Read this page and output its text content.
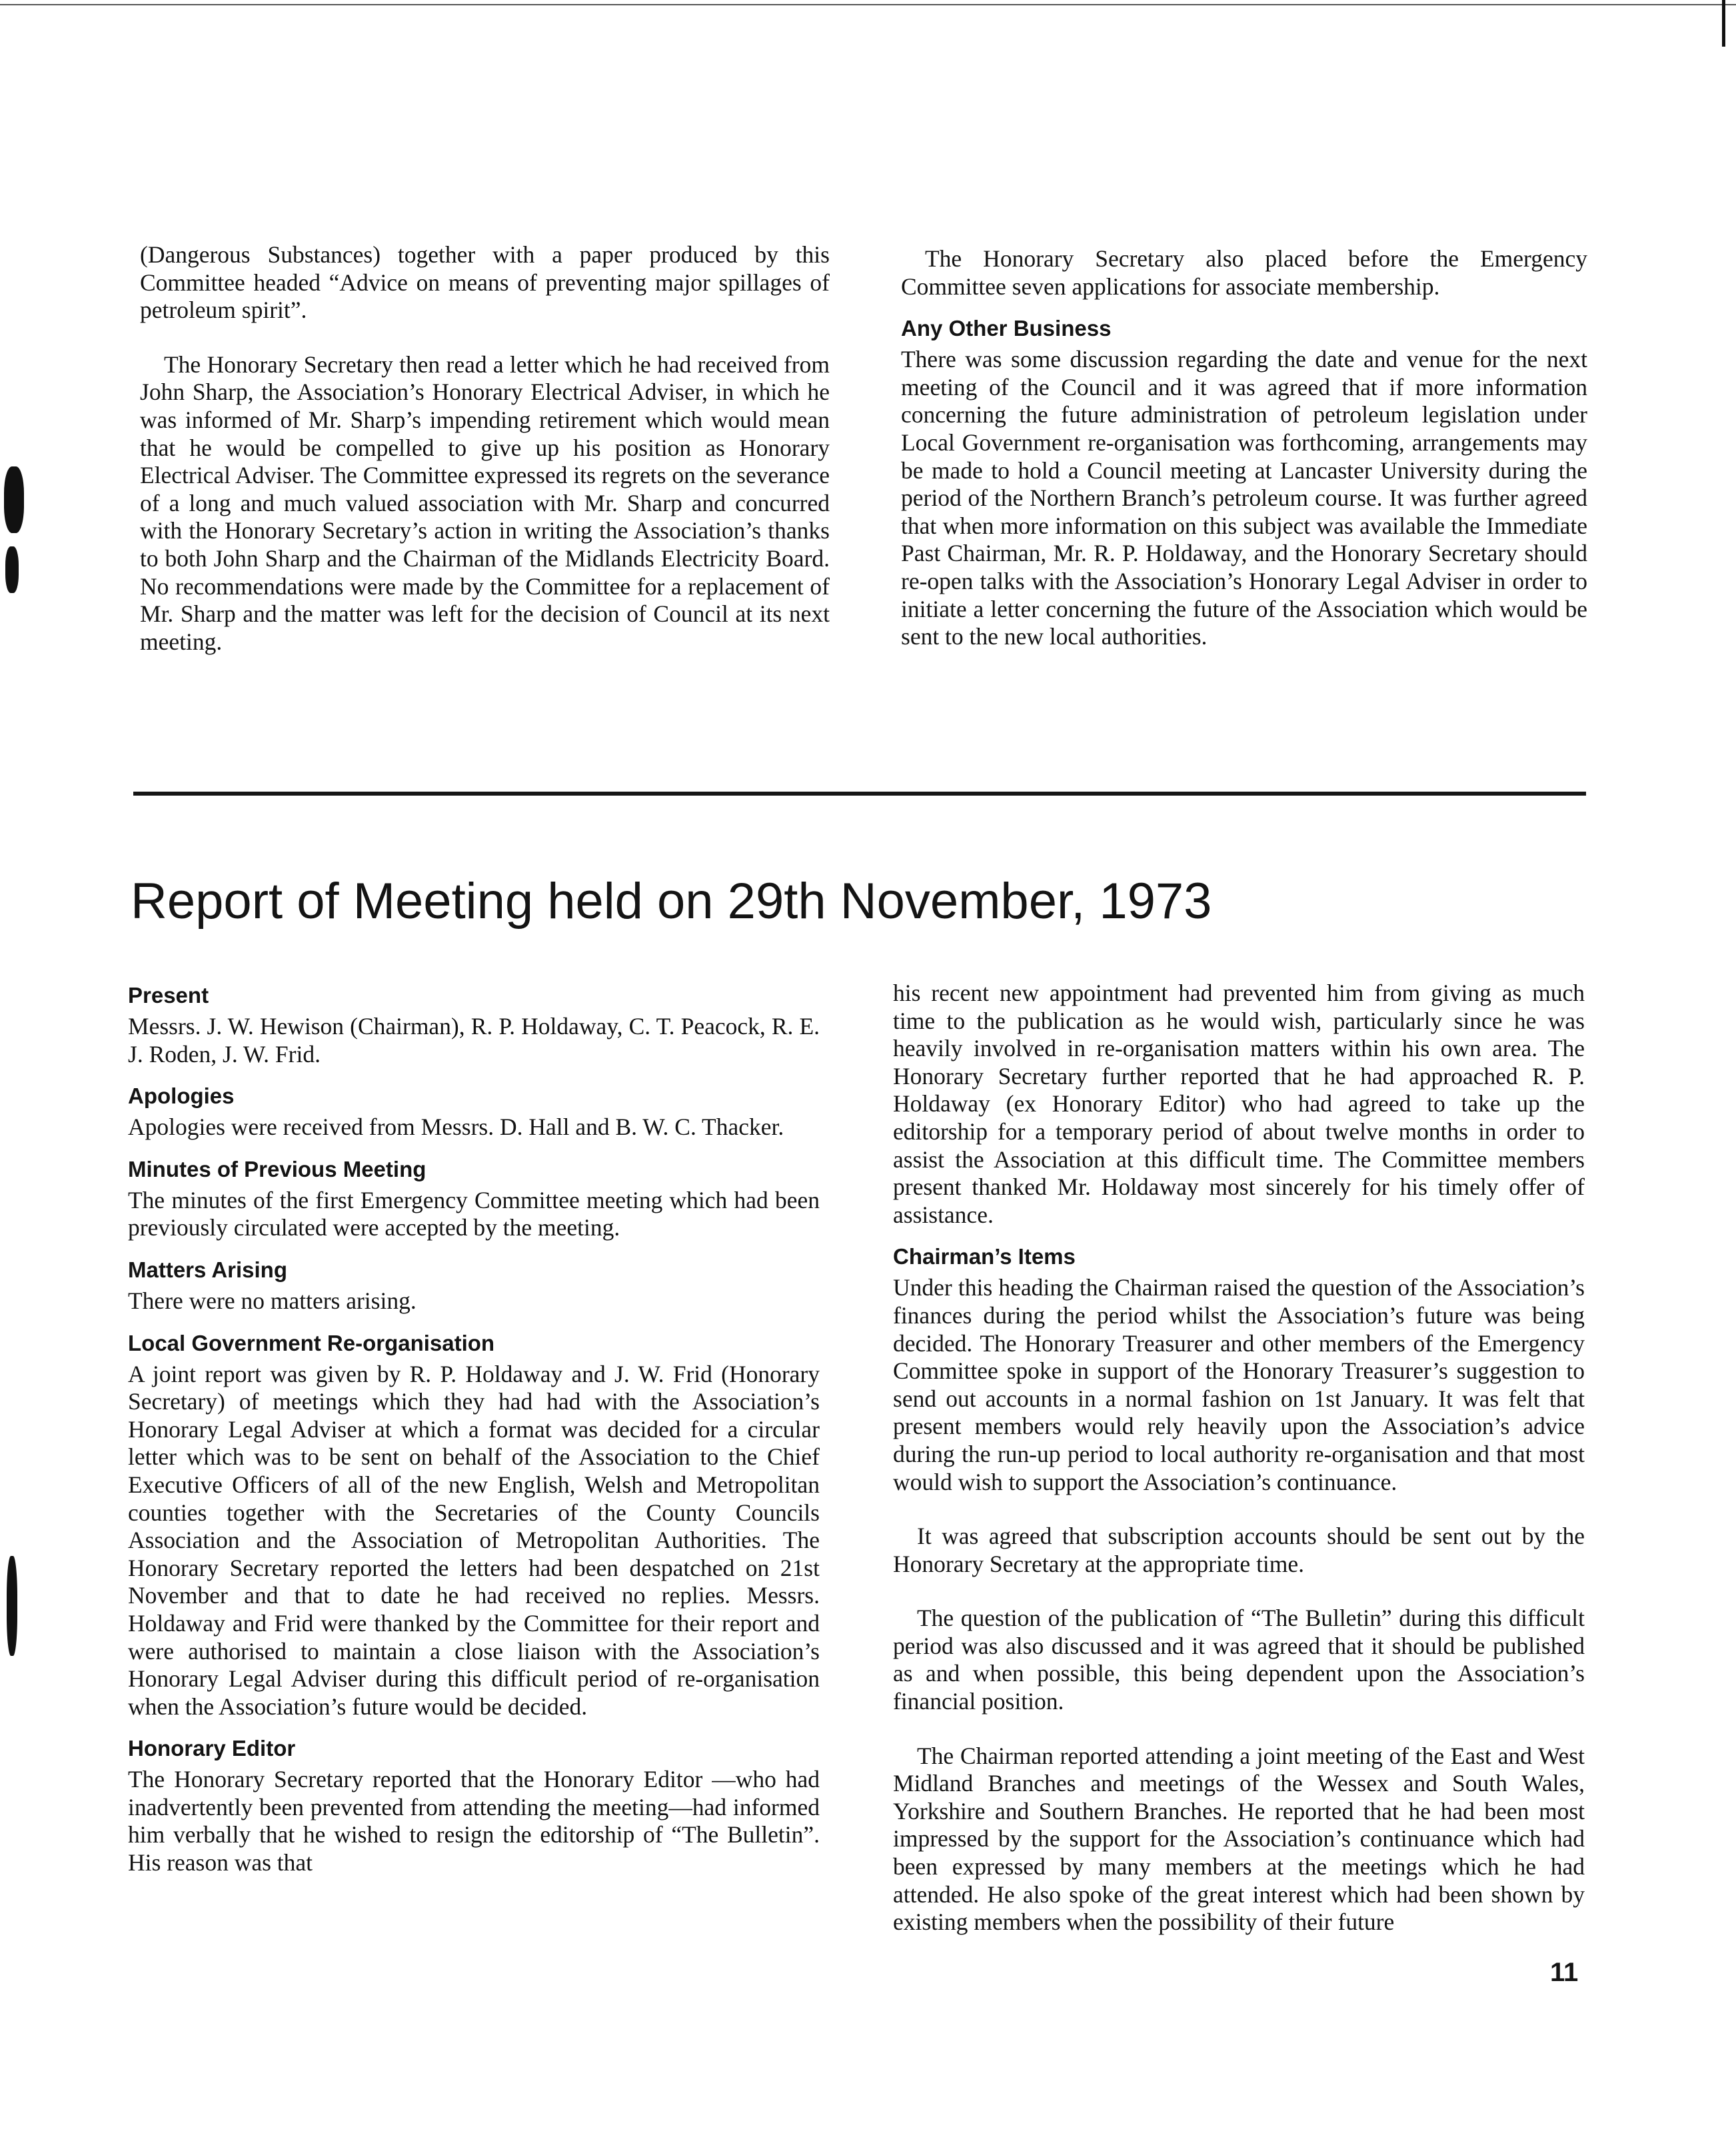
(Dangerous Substances) together with a paper produced by this Committee headed “Advice on means of preventing major spillages of petroleum spirit”.

The Honorary Secretary then read a letter which he had received from John Sharp, the Association’s Honorary Electrical Adviser, in which he was informed of Mr. Sharp’s impending retirement which would mean that he would be compelled to give up his position as Honorary Electrical Adviser. The Committee expressed its regrets on the severance of a long and much valued association with Mr. Sharp and concurred with the Honorary Secretary’s action in writing the Association’s thanks to both John Sharp and the Chairman of the Midlands Electricity Board. No recommendations were made by the Committee for a replacement of Mr. Sharp and the matter was left for the decision of Council at its next meeting.

The Honorary Secretary also placed before the Emergency Committee seven applications for associate membership.

Any Other Business

There was some discussion regarding the date and venue for the next meeting of the Council and it was agreed that if more information concerning the future administration of petroleum legislation under Local Government re-organisation was forthcoming, arrangements may be made to hold a Council meeting at Lancaster University during the period of the Northern Branch’s petroleum course. It was further agreed that when more information on this subject was available the Immediate Past Chairman, Mr. R. P. Holdaway, and the Honorary Secretary should re-open talks with the Association’s Honorary Legal Adviser in order to initiate a letter concerning the future of the Association which would be sent to the new local authorities.

Report of Meeting held on 29th November, 1973
Present

Messrs. J. W. Hewison (Chairman), R. P. Holdaway, C. T. Peacock, R. E. J. Roden, J. W. Frid.

Apologies

Apologies were received from Messrs. D. Hall and B. W. C. Thacker.

Minutes of Previous Meeting

The minutes of the first Emergency Committee meeting which had been previously circulated were accepted by the meeting.

Matters Arising

There were no matters arising.

Local Government Re-organisation

A joint report was given by R. P. Holdaway and J. W. Frid (Honorary Secretary) of meetings which they had had with the Association’s Honorary Legal Adviser at which a format was decided for a circular letter which was to be sent on behalf of the Association to the Chief Executive Officers of all of the new English, Welsh and Metropolitan counties together with the Secretaries of the County Councils Association and the Association of Metropolitan Authorities. The Honorary Secretary reported the letters had been despatched on 21st November and that to date he had received no replies. Messrs. Holdaway and Frid were thanked by the Committee for their report and were authorised to maintain a close liaison with the Association’s Honorary Legal Adviser during this difficult period of re-organisation when the Association’s future would be decided.

Honorary Editor

The Honorary Secretary reported that the Honorary Editor —who had inadvertently been prevented from attending the meeting—had informed him verbally that he wished to resign the editorship of “The Bulletin”. His reason was that

his recent new appointment had prevented him from giving as much time to the publication as he would wish, particularly since he was heavily involved in re-organisation matters within his own area. The Honorary Secretary further reported that he had approached R. P. Holdaway (ex Honorary Editor) who had agreed to take up the editorship for a temporary period of about twelve months in order to assist the Association at this difficult time. The Committee members present thanked Mr. Holdaway most sincerely for his timely offer of assistance.

Chairman’s Items

Under this heading the Chairman raised the question of the Association’s finances during the period whilst the Association’s future was being decided. The Honorary Treasurer and other members of the Emergency Committee spoke in support of the Honorary Treasurer’s suggestion to send out accounts in a normal fashion on 1st January. It was felt that present members would rely heavily upon the Association’s advice during the run-up period to local authority re-organisation and that most would wish to support the Association’s continuance.

It was agreed that subscription accounts should be sent out by the Honorary Secretary at the appropriate time.

The question of the publication of “The Bulletin” during this difficult period was also discussed and it was agreed that it should be published as and when possible, this being dependent upon the Association’s financial position.

The Chairman reported attending a joint meeting of the East and West Midland Branches and meetings of the Wessex and South Wales, Yorkshire and Southern Branches. He reported that he had been most impressed by the support for the Association’s continuance which had been expressed by many members at the meetings which he had attended. He also spoke of the great interest which had been shown by existing members when the possibility of their future

11
